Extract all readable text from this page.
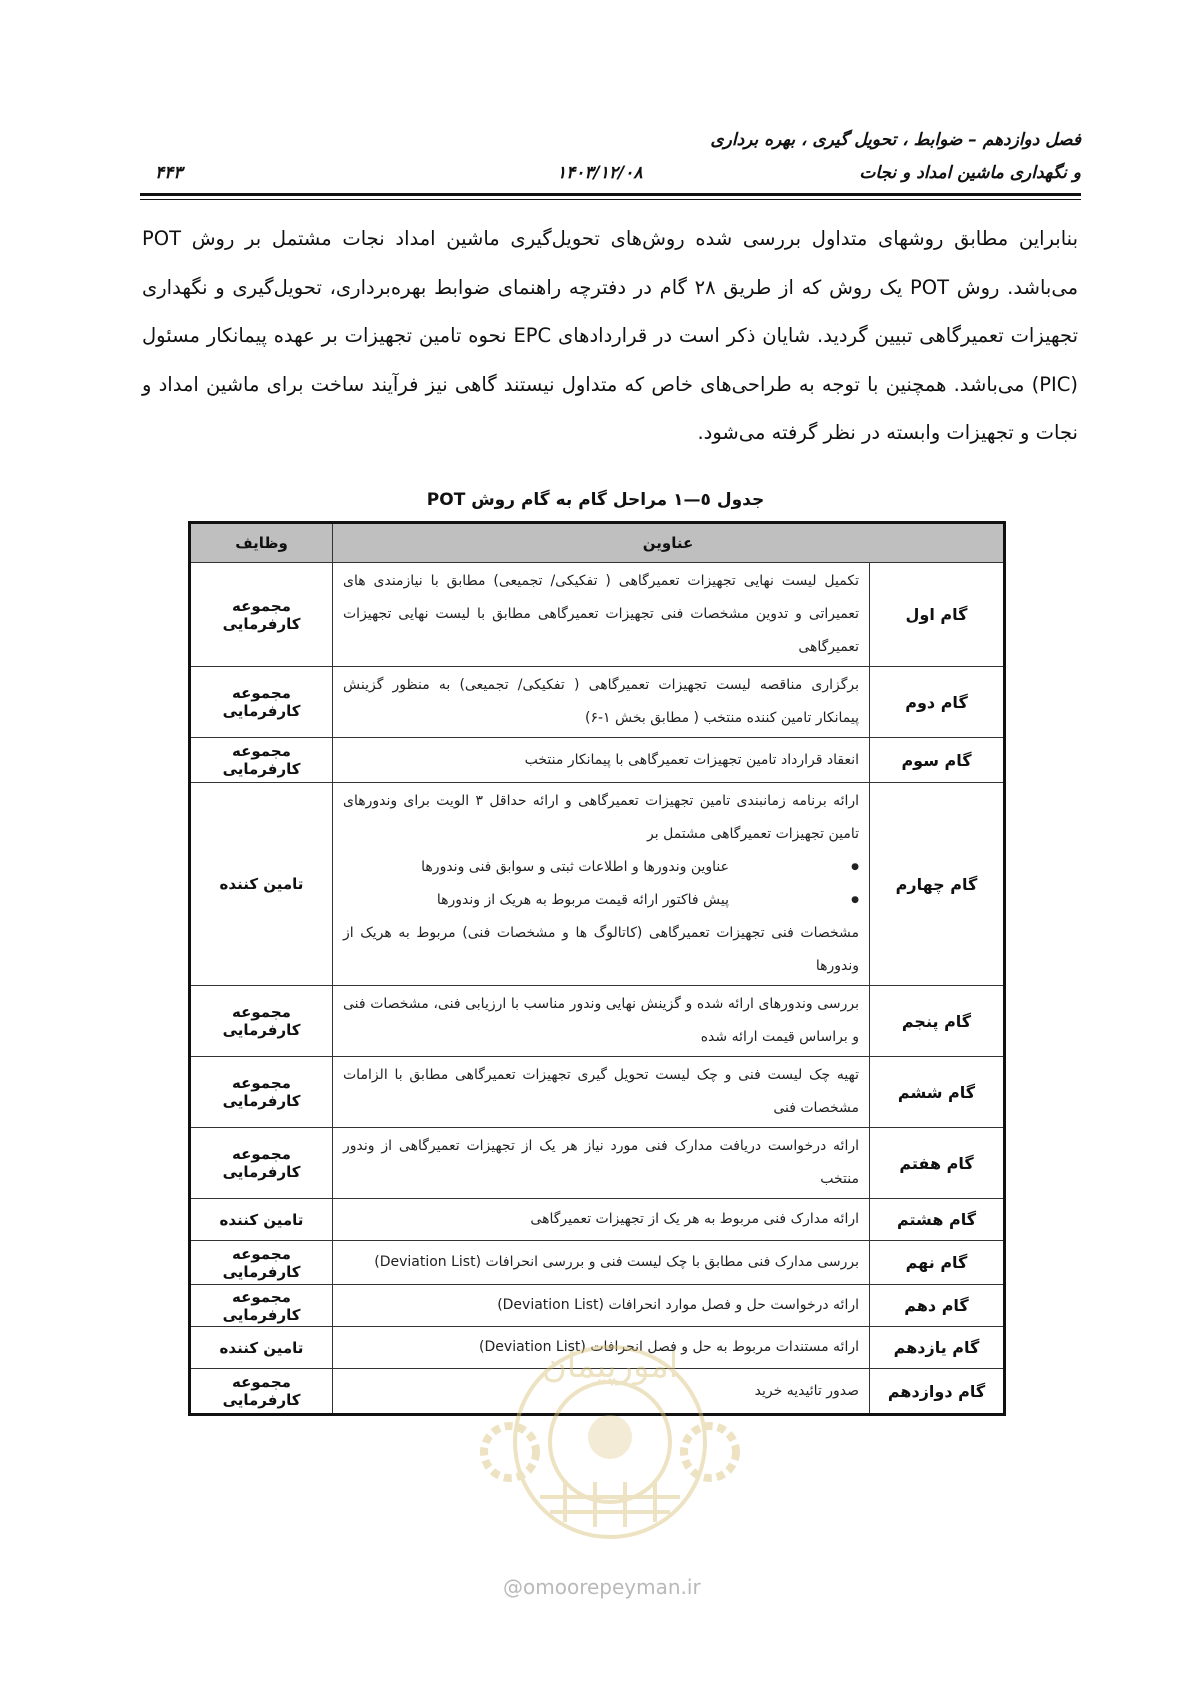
فصل دوازدهم – ضوابط ، تحویل گیری ، بهره برداری
و نگهداری ماشین امداد و نجات
۱۴۰۳/۱۲/۰۸
۴۴۳
بنابراین مطابق روشهای متداول بررسی شده روش‌های تحویل‌گیری ماشین امداد نجات مشتمل بر روش POT می‌باشد. روش POT یک روش که از طریق ۲۸ گام در دفترچه راهنمای ضوابط بهره‌برداری، تحویل‌گیری و نگهداری تجهیزات تعمیرگاهی تبیین گردید. شایان ذکر است در قراردادهای EPC نحوه تامین تجهیزات بر عهده پیمانکار مسئول (PIC) می‌باشد. همچنین با توجه به طراحی‌های خاص که متداول نیستند گاهی نیز فرآیند ساخت برای ماشین امداد و نجات و تجهیزات وابسته در نظر گرفته می‌شود.
جدول ٥—۱ مراحل گام به گام روش POT
عناوین		وظایف
گام اول	تکمیل لیست نهایی تجهیزات تعمیرگاهی ( تفکیکی/ تجمیعی) مطابق با نیازمندی های تعمیراتی و تدوین مشخصات فنی تجهیزات تعمیرگاهی مطابق با لیست نهایی تجهیزات تعمیرگاهی	مجموعه کارفرمایی
گام دوم	برگزاری مناقصه لیست تجهیزات تعمیرگاهی ( تفکیکی/ تجمیعی) به منظور گزینش پیمانکار تامین کننده منتخب ( مطابق بخش ۱-۶)	مجموعه کارفرمایی
گام سوم	انعقاد قرارداد تامین تجهیزات تعمیرگاهی با پیمانکار منتخب	مجموعه کارفرمایی
گام چهارم	ارائه برنامه زمانبندی تامین تجهیزات تعمیرگاهی و ارائه حداقل ۳ الویت برای وندورهای تامین تجهیزات تعمیرگاهی مشتمل بر
● عناوین وندورها و اطلاعات ثبتی و سوابق فنی وندورها
● پیش فاکتور ارائه قیمت مربوط به هریک از وندورها
مشخصات فنی تجهیزات تعمیرگاهی (کاتالوگ ها و مشخصات فنی) مربوط به هریک از وندورها	تامین کننده
گام پنجم	بررسی وندورهای ارائه شده و گزینش نهایی وندور مناسب با ارزیابی فنی، مشخصات فنی و براساس قیمت ارائه شده	مجموعه کارفرمایی
گام ششم	تهیه چک لیست فنی و چک لیست تحویل گیری تجهیزات تعمیرگاهی مطابق با الزامات مشخصات فنی	مجموعه کارفرمایی
گام هفتم	ارائه درخواست دریافت مدارک فنی مورد نیاز هر یک از تجهیزات تعمیرگاهی از وندور منتخب	مجموعه کارفرمایی
گام هشتم	ارائه مدارک فنی مربوط به هر یک از تجهیزات تعمیرگاهی	تامین کننده
گام نهم	بررسی مدارک فنی مطابق با چک لیست فنی و بررسی انحرافات (Deviation List)	مجموعه کارفرمایی
گام دهم	ارائه درخواست حل و فصل موارد انحرافات (Deviation List)	مجموعه کارفرمایی
گام یازدهم	ارائه مستندات مربوط به حل و فصل انحرافات (Deviation List)	تامین کننده
گام دوازدهم	صدور تائیدیه خرید	مجموعه کارفرمایی
امورپیمان
@omoorepeyman.ir
